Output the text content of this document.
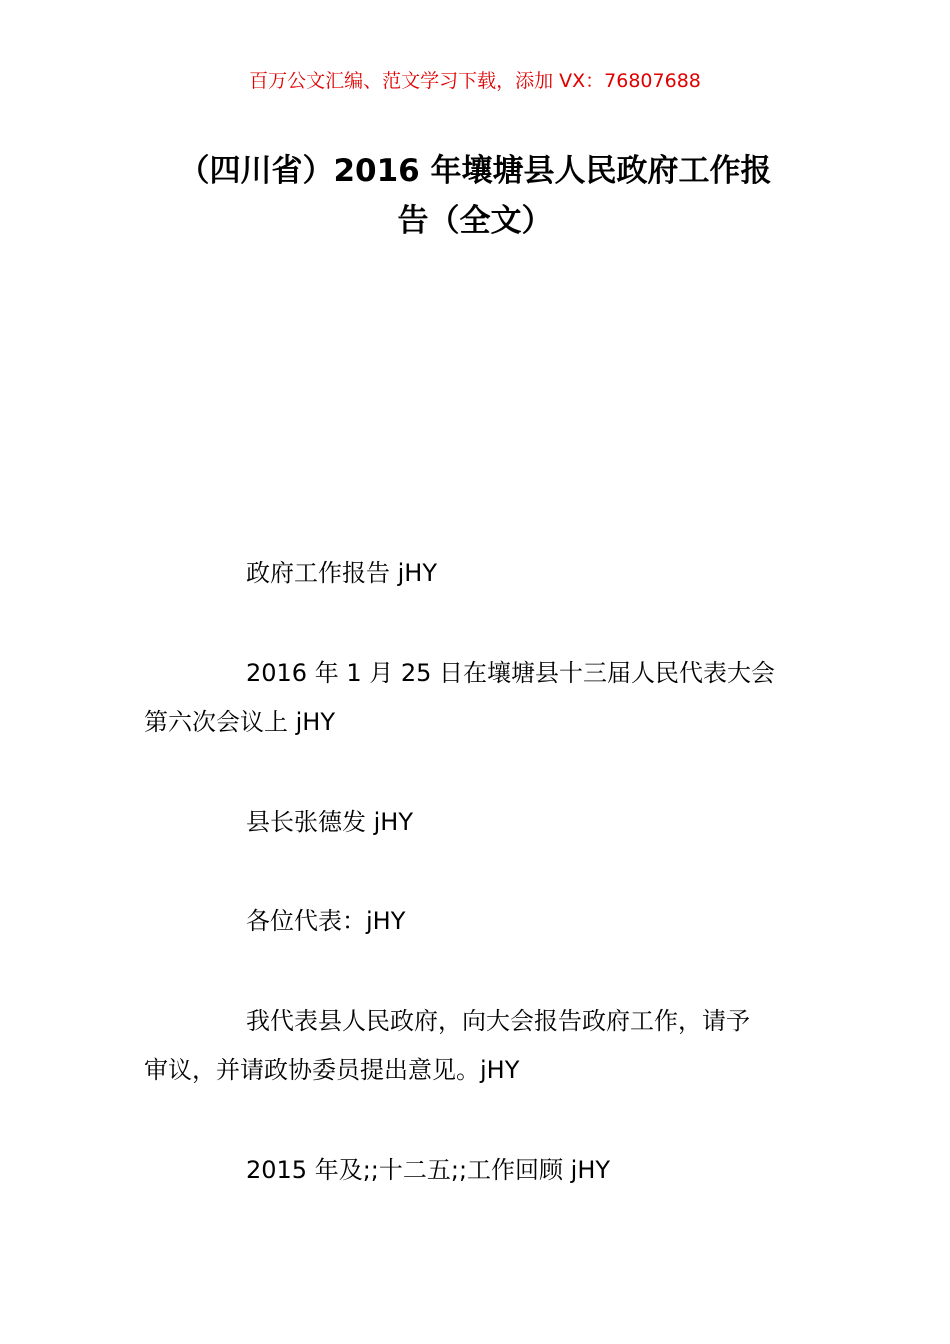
百万公文汇编、范文学习下载，添加 VX：76807688
（四川省）2016 年壤塘县人民政府工作报
告（全文）

政府工作报告 jHY

2016 年 1 月 25 日在壤塘县十三届人民代表大会
第六次会议上 jHY

县长张德发 jHY

各位代表：jHY

我代表县人民政府，向大会报告政府工作，请予
审议，并请政协委员提出意见。jHY

2015 年及;;十二五;;工作回顾 jHY
